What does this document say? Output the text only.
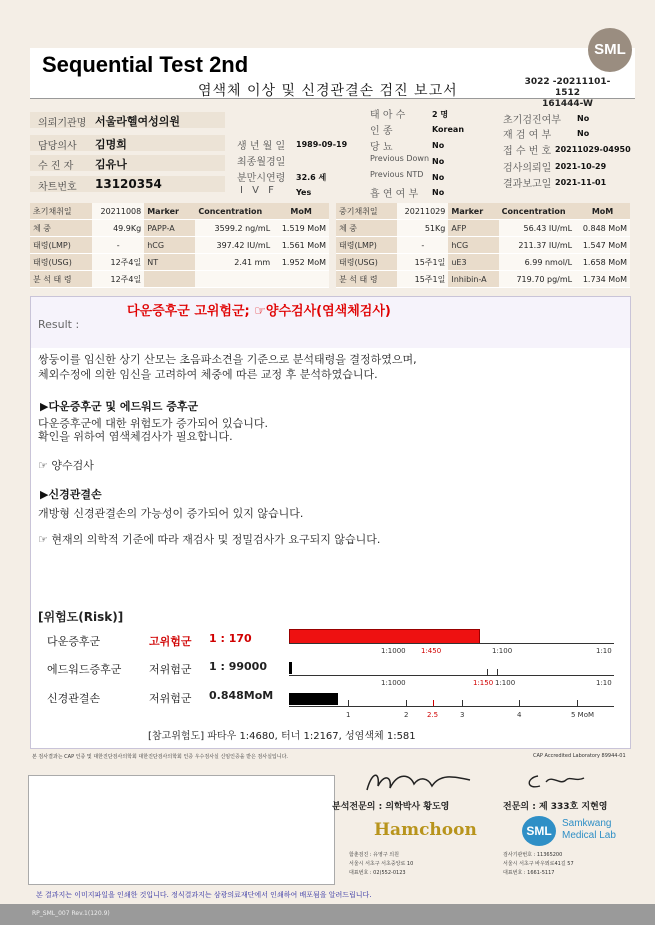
Sequential Test 2nd
염색체 이상 및 신경관결손 검진 보고서
3022 -20211101-1512
161444-W
SML
의뢰기관명 서울라헬여성의원
담당의사 김명희
수 진 자 김유나
차트번호 13120354
생 년 월 일 1989-09-19
최종월경일
분만시연령 32.6 세
I V F Yes
태 아 수	2 명
인 종	Korean
당 뇨	No
Previous Down No
Previous NTD No
흡 연 여 부 No
초기검진여부 No
재 검 여 부	No
접 수 번 호 20211029-04950
검사의뢰일 2021-10-29
결과보고일 2021-11-01
초기채취일	20211008	Marker	Concentration	MoM
체 중	49.9Kg	PAPP-A	3599.2 ng/mL	1.519 MoM
태령(LMP)	-	hCG	397.42 IU/mL	1.561 MoM
태령(USG)	12주4일	NT	2.41 mm	1.952 MoM
분 석 태 령	12주4일			
중기채취일	20211029	Marker	Concentration	MoM
체 중	51Kg	AFP	56.43 IU/mL	0.848 MoM
태령(LMP)	-	hCG	211.37 IU/mL	1.547 MoM
태령(USG)	15주1일	uE3	6.99 nmol/L	1.658 MoM
분 석 태 령	15주1일	Inhibin-A	719.70 pg/mL	1.734 MoM
Result :
다운증후군 고위험군; ☞양수검사(염색체검사)
쌍둥이를 임신한 상기 산모는 초음파소견을 기준으로 분석태령을 결정하였으며,
체외수정에 의한 임신을 고려하여 체중에 따른 교정 후 분석하였습니다.
▶다운증후군 및 에드워드 증후군
다운증후군에 대한 위험도가 증가되어 있습니다.
확인을 위하여 염색체검사가 필요합니다.
☞ 양수검사
▶신경관결손
개방형 신경관결손의 가능성이 증가되어 있지 않습니다.
☞ 현재의 의학적 기준에 따라 재검사 및 정밀검사가 요구되지 않습니다.
[위험도(Risk)]
다운증후군	고위험군 1 : 170
에드워드증후군	저위험군 1 : 99000
신경관결손	저위험군 0.848MoM
1:1000 1:450	1:100	1:10
1:1000	1:150 1:100	1:10
1	2	2.5	3	4	5 MoM
[참고위험도] 파타우 1:4680, 터너 1:2167, 성염색체 1:581
본 검사결과는 CAP 인증 및 대한진단검사의학회 대한진단검사의학회 인증 우수검사실 신임인증을 받은 검사실입니다.	CAP Accredited Laboratory 89944-01
분석전문의 : 의학박사 황도영	전문의 : 제 333호 지현영
Hamchoon
함춘검진 : 유영구 의원
서울시 서초구 서초중앙로 10
대표번호 : 02)552-0123
SML
Samkwang
Medical Lab
검사기관번호 : 11365200
서울시 서초구 바우뫼로41길 57
대표번호 : 1661-5117
본 결과지는 이미지파일을 인쇄한 것입니다. 정식결과지는 삼광의료재단에서 인쇄하여 배포됨을 알려드립니다.
RP_SML_007 Rev.1(120.9)
